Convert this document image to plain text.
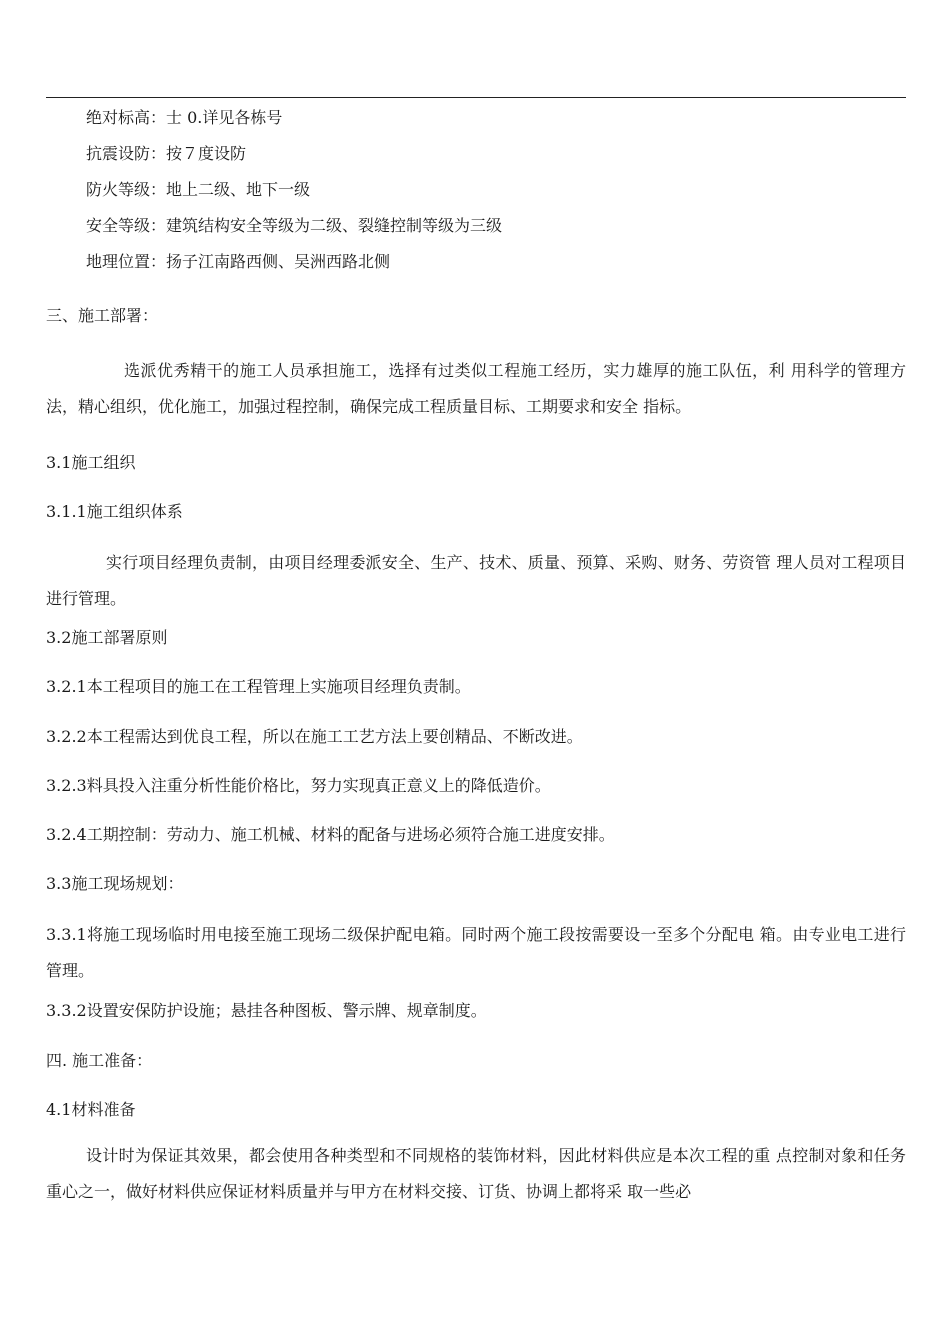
绝对标高：士 0.详见各栋号
抗震设防：按７度设防
防火等级：地上二级、地下一级
安全等级：建筑结构安全等级为二级、裂缝控制等级为三级
地理位置：扬子江南路西侧、吴洲西路北侧
三、施工部署：
选派优秀精干的施工人员承担施工，选择有过类似工程施工经历，实力雄厚的施工队伍，利 用科学的管理方法，精心组织，优化施工，加强过程控制，确保完成工程质量目标、工期要求和安全 指标。
3.1施工组织
3.1.1施工组织体系
实行项目经理负责制，由项目经理委派安全、生产、技术、质量、预算、采购、财务、劳资管 理人员对工程项目进行管理。
3.2施工部署原则
3.2.1本工程项目的施工在工程管理上实施项目经理负责制。
3.2.2本工程需达到优良工程，所以在施工工艺方法上要创精品、不断改进。
3.2.3料具投入注重分析性能价格比，努力实现真正意义上的降低造价。
3.2.4工期控制：劳动力、施工机械、材料的配备与进场必须符合施工进度安排。
3.3施工现场规划：
3.3.1将施工现场临时用电接至施工现场二级保护配电箱。同时两个施工段按需要设一至多个分配电 箱。由专业电工进行管理。
3.3.2设置安保防护设施；悬挂各种图板、警示牌、规章制度。
四. 施工准备：
4.1材料准备
设计时为保证其效果，都会使用各种类型和不同规格的装饰材料，因此材料供应是本次工程的重 点控制对象和任务重心之一，做好材料供应保证材料质量并与甲方在材料交接、订货、协调上都将采 取一些必
